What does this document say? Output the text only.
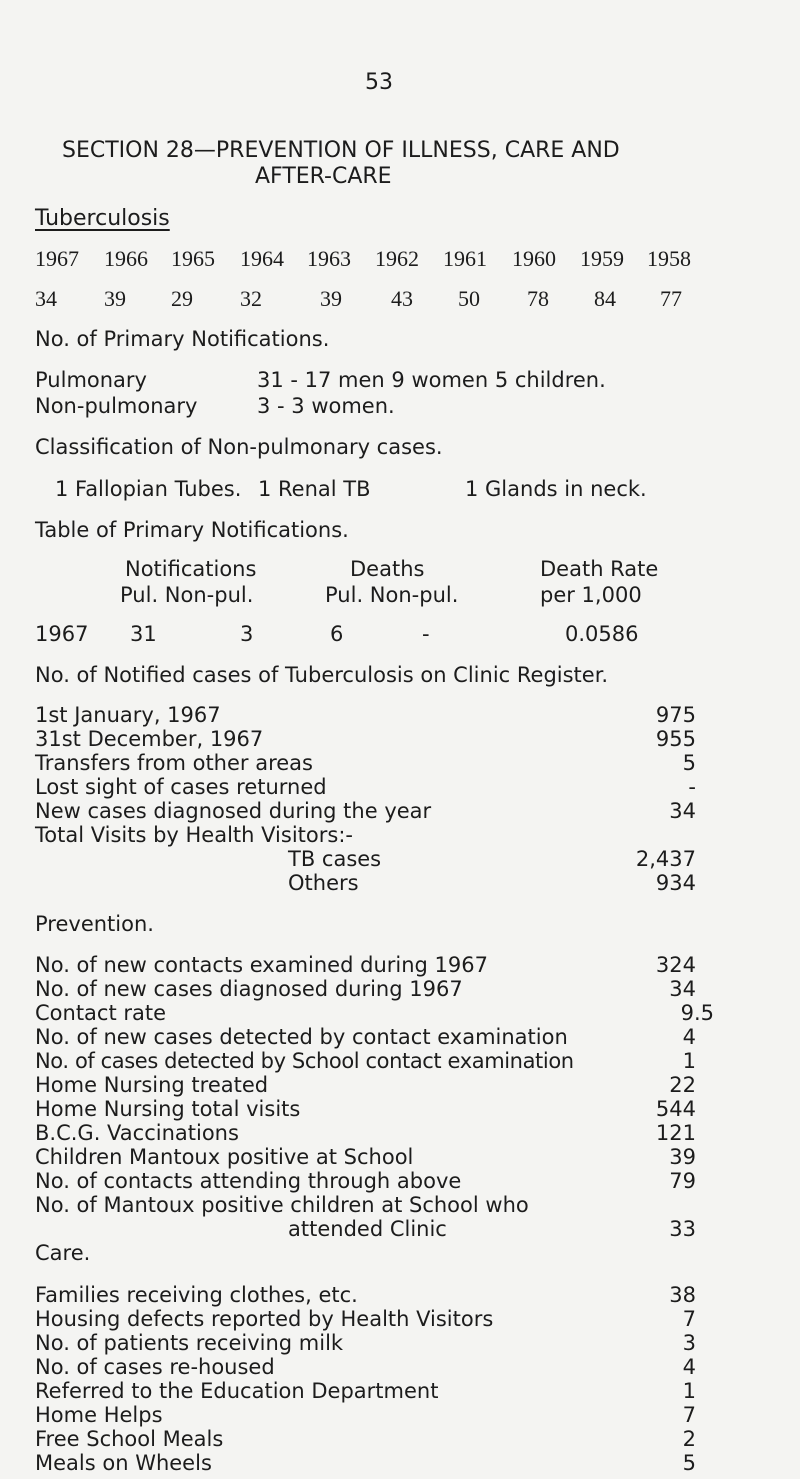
53
SECTION 28—PREVENTION OF ILLNESS, CARE AND
AFTER-CARE
Tuberculosis
1967 1966 1965 1964 1963 1962 1961 1960 1959 1958
34 39 29 32	39 43 50 78 84 77
No. of Primary Notifications.
Pulmonary	31 - 17 men 9 women 5 children.
Non-pulmonary	3 - 3 women.
Classification of Non-pulmonary cases.
1 Fallopian Tubes. 1 Renal TB	1 Glands in neck.
Table of Primary Notifications.
Notifications	Deaths	Death Rate
Pul. Non-pul.	Pul. Non-pul.	per 1,000
1967 31	3	6	-	0.0586
No. of Notified cases of Tuberculosis on Clinic Register.
1st January, 1967	975
31st December, 1967	955
Transfers from other areas	5
Lost sight of cases returned	-
New cases diagnosed during the year	34
Total Visits by Health Visitors:-
TB cases	2,437
Others	934
Prevention.
No. of new contacts examined during 1967	324
No. of new cases diagnosed during 1967	34
Contact rate	9.5
No. of new cases detected by contact examination	4
No. of cases detected by School contact examination	1
Home Nursing treated	22
Home Nursing total visits	544
B.C.G. Vaccinations	121
Children Mantoux positive at School	39
No. of contacts attending through above	79
No. of Mantoux positive children at School who
attended Clinic	33
Care.
Families receiving clothes, etc.	38
Housing defects reported by Health Visitors	7
No. of patients receiving milk	3
No. of cases re-housed	4
Referred to the Education Department	1
Home Helps	7
Free School Meals	2
Meals on Wheels	5
